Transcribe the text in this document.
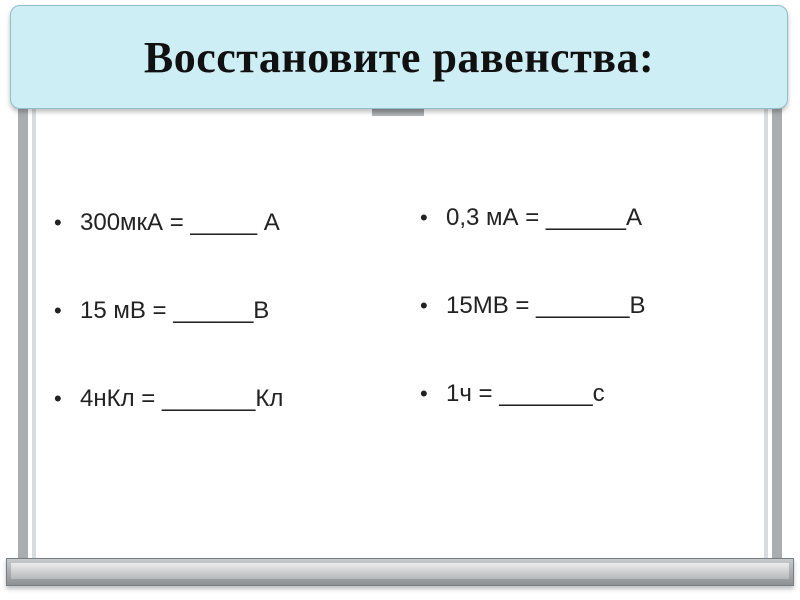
Восстановите равенства:
• 300мкА = _____ А
• 15 мВ = ______В
• 4нКл = _______Кл
• 0,3 мА = ______А
• 15МВ = _______В
• 1ч = _______с
